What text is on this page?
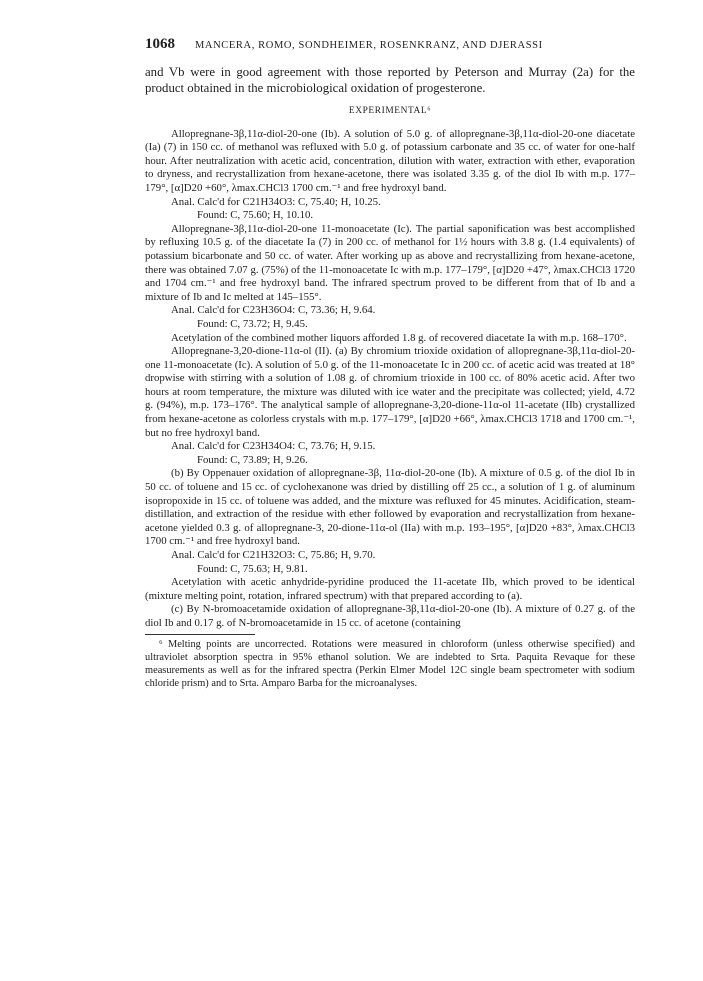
1068 MANCERA, ROMO, SONDHEIMER, ROSENKRANZ, AND DJERASSI

and Vb were in good agreement with those reported by Peterson and Murray (2a) for the product obtained in the microbiological oxidation of progesterone.

EXPERIMENTAL⁶

Allopregnane-3β,11α-diol-20-one (Ib). A solution of 5.0 g. of allopregnane-3β,11α-diol-20-one diacetate (Ia) (7) in 150 cc. of methanol was refluxed with 5.0 g. of potassium carbonate and 35 cc. of water for one-half hour. After neutralization with acetic acid, concentration, dilution with water, extraction with ether, evaporation to dryness, and recrystallization from hexane-acetone, there was isolated 3.35 g. of the diol Ib with m.p. 177–179°, [α]D20 +60°, λmax.CHCl3 1700 cm.⁻¹ and free hydroxyl band.

Anal. Calc'd for C21H34O3: C, 75.40; H, 10.25.

Found: C, 75.60; H, 10.10.

Allopregnane-3β,11α-diol-20-one 11-monoacetate (Ic). The partial saponification was best accomplished by refluxing 10.5 g. of the diacetate Ia (7) in 200 cc. of methanol for 1½ hours with 3.8 g. (1.4 equivalents) of potassium bicarbonate and 50 cc. of water. After working up as above and recrystallizing from hexane-acetone, there was obtained 7.07 g. (75%) of the 11-monoacetate Ic with m.p. 177–179°, [α]D20 +47°, λmax.CHCl3 1720 and 1704 cm.⁻¹ and free hydroxyl band. The infrared spectrum proved to be different from that of Ib and a mixture of Ib and Ic melted at 145–155°.

Anal. Calc'd for C23H36O4: C, 73.36; H, 9.64.

Found: C, 73.72; H, 9.45.

Acetylation of the combined mother liquors afforded 1.8 g. of recovered diacetate Ia with m.p. 168–170°.

Allopregnane-3,20-dione-11α-ol (II). (a) By chromium trioxide oxidation of allopregnane-3β,11α-diol-20-one 11-monoacetate (Ic). A solution of 5.0 g. of the 11-monoacetate Ic in 200 cc. of acetic acid was treated at 18° dropwise with stirring with a solution of 1.08 g. of chromium trioxide in 100 cc. of 80% acetic acid. After two hours at room temperature, the mixture was diluted with ice water and the precipitate was collected; yield, 4.72 g. (94%), m.p. 173–176°. The analytical sample of allopregnane-3,20-dione-11α-ol 11-acetate (IIb) crystallized from hexane-acetone as colorless crystals with m.p. 177–179°, [α]D20 +66°, λmax.CHCl3 1718 and 1700 cm.⁻¹, but no free hydroxyl band.

Anal. Calc'd for C23H34O4: C, 73.76; H, 9.15.

Found: C, 73.89; H, 9.26.

(b) By Oppenauer oxidation of allopregnane-3β, 11α-diol-20-one (Ib). A mixture of 0.5 g. of the diol Ib in 50 cc. of toluene and 15 cc. of cyclohexanone was dried by distilling off 25 cc., a solution of 1 g. of aluminum isopropoxide in 15 cc. of toluene was added, and the mixture was refluxed for 45 minutes. Acidification, steam-distillation, and extraction of the residue with ether followed by evaporation and recrystallization from hexane-acetone yielded 0.3 g. of allopregnane-3, 20-dione-11α-ol (IIa) with m.p. 193–195°, [α]D20 +83°, λmax.CHCl3 1700 cm.⁻¹ and free hydroxyl band.

Anal. Calc'd for C21H32O3: C, 75.86; H, 9.70.

Found: C, 75.63; H, 9.81.

Acetylation with acetic anhydride-pyridine produced the 11-acetate IIb, which proved to be identical (mixture melting point, rotation, infrared spectrum) with that prepared according to (a).

(c) By N-bromoacetamide oxidation of allopregnane-3β,11α-diol-20-one (Ib). A mixture of 0.27 g. of the diol Ib and 0.17 g. of N-bromoacetamide in 15 cc. of acetone (containing

⁶ Melting points are uncorrected. Rotations were measured in chloroform (unless otherwise specified) and ultraviolet absorption spectra in 95% ethanol solution. We are indebted to Srta. Paquita Revaque for these measurements as well as for the infrared spectra (Perkin Elmer Model 12C single beam spectrometer with sodium chloride prism) and to Srta. Amparo Barba for the microanalyses.
